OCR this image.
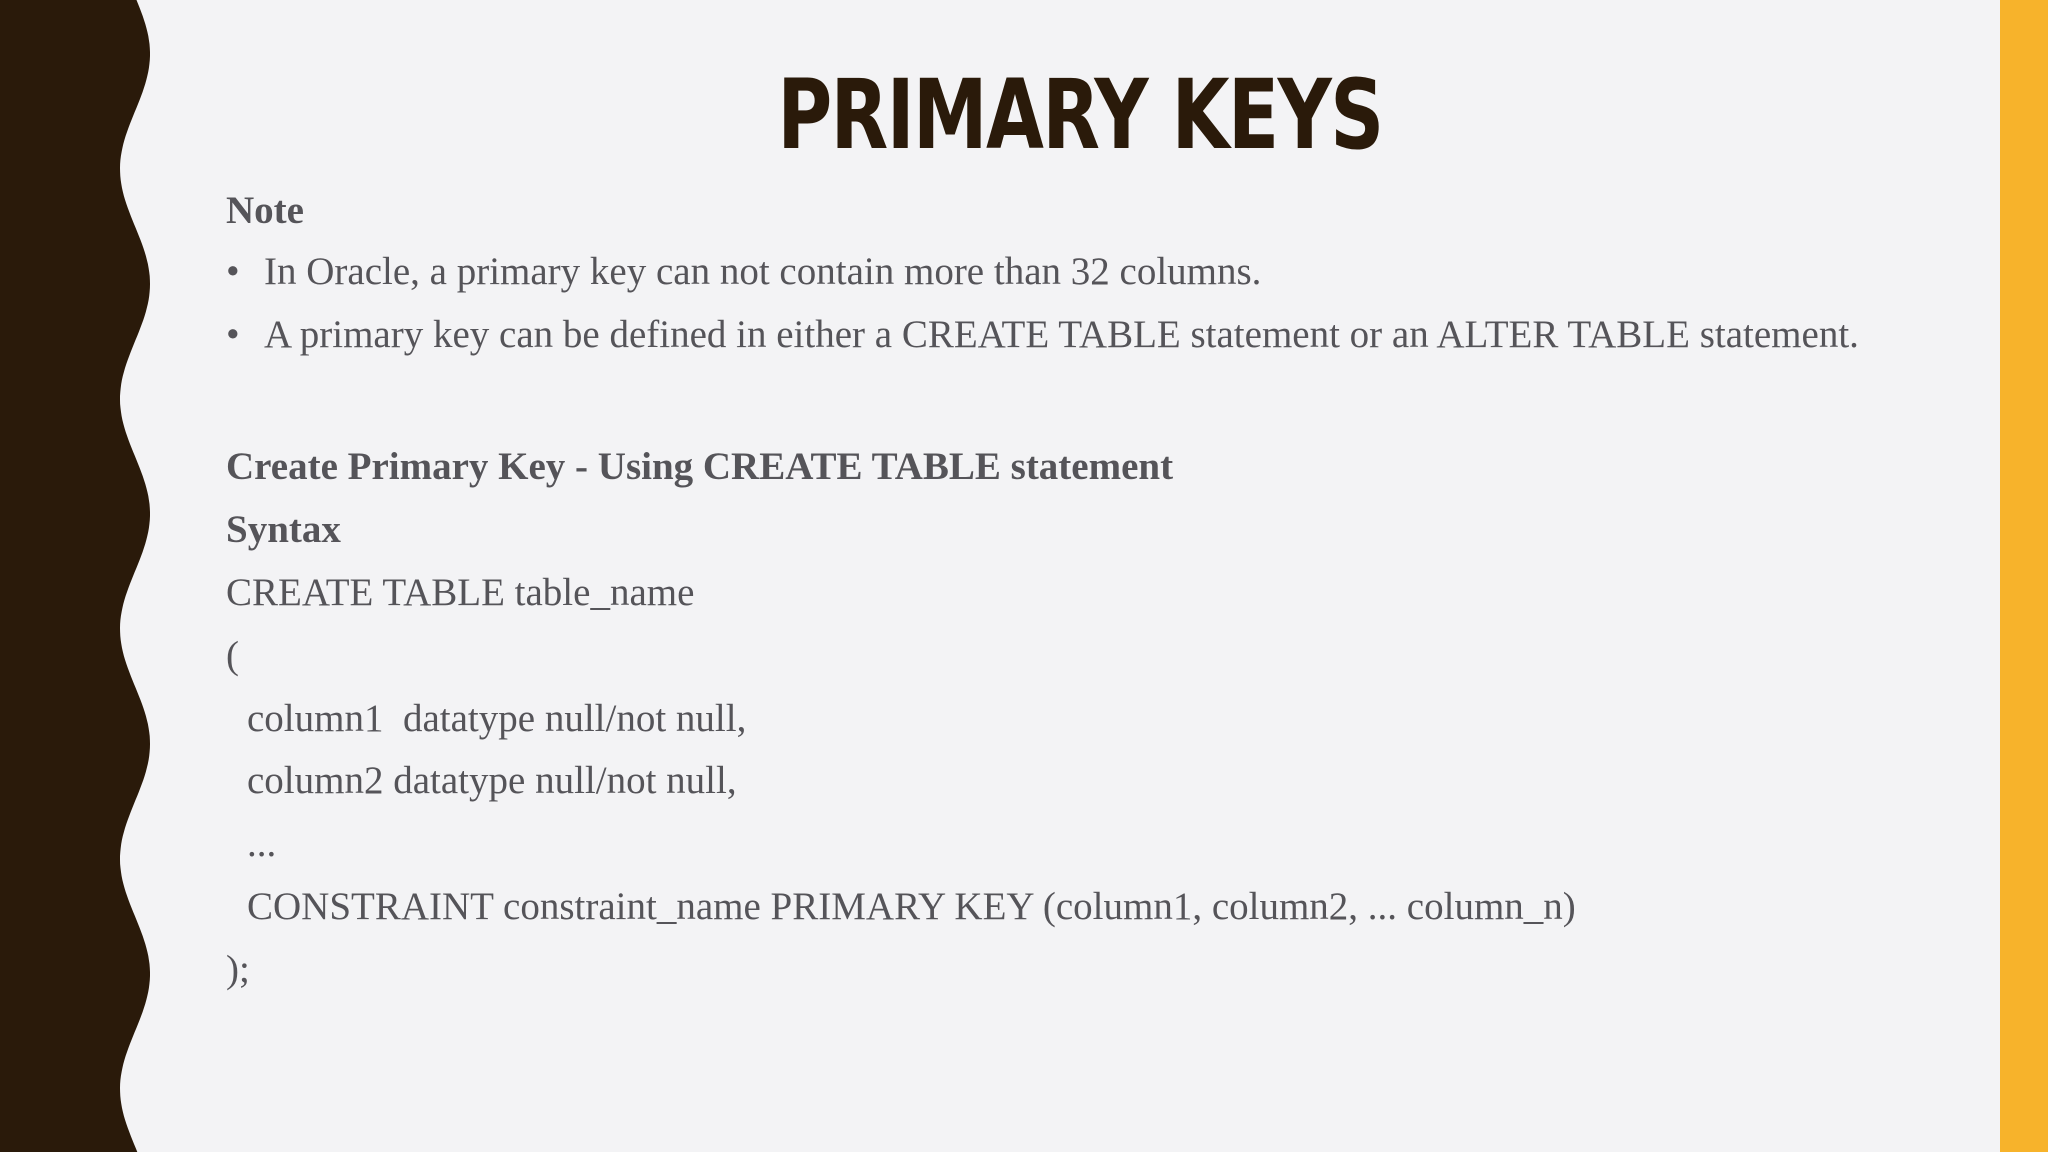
PRIMARY KEYS

Note

• In Oracle, a primary key can not contain more than 32 columns.
• A primary key can be defined in either a CREATE TABLE statement or an ALTER TABLE statement.

Create Primary Key - Using CREATE TABLE statement

Syntax

CREATE TABLE table_name

(

column1  datatype null/not null,

column2 datatype null/not null,

...

CONSTRAINT constraint_name PRIMARY KEY (column1, column2, ... column_n)

);
